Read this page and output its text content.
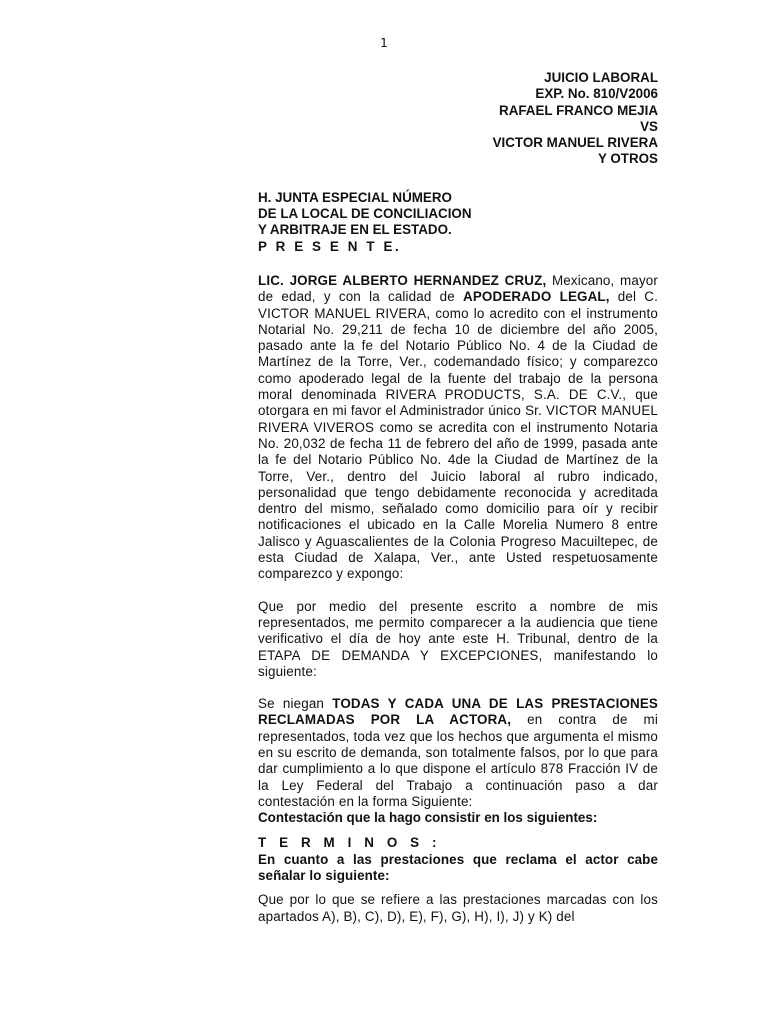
1
JUICIO LABORAL
EXP. No. 810/V2006
RAFAEL FRANCO MEJIA
VS
VICTOR MANUEL RIVERA
Y OTROS
H. JUNTA ESPECIAL NÚMERO
DE LA LOCAL DE CONCILIACION
Y ARBITRAJE EN EL ESTADO.
P R E S E N T E.

LIC. JORGE ALBERTO HERNANDEZ CRUZ, Mexicano, mayor de edad, y con la calidad de APODERADO LEGAL, del C. VICTOR MANUEL RIVERA, como lo acredito con el instrumento Notarial No. 29,211 de fecha 10 de diciembre del año 2005, pasado ante la fe del Notario Público No. 4 de la Ciudad de Martínez de la Torre, Ver., codemandado físico; y comparezco como apoderado legal de la fuente del trabajo de la persona moral denominada RIVERA PRODUCTS, S.A. DE C.V., que otorgara en mi favor el Administrador único Sr. VICTOR MANUEL RIVERA VIVEROS como se acredita con el instrumento Notaria No. 20,032 de fecha 11 de febrero del año de 1999, pasada ante la fe del Notario Público No. 4de la Ciudad de Martínez de la Torre, Ver., dentro del Juicio laboral al rubro indicado, personalidad que tengo debidamente reconocida y acreditada dentro del mismo, señalado como domicilio para oír y recibir notificaciones el ubicado en la Calle Morelia Numero 8 entre Jalisco y Aguascalientes de la Colonia Progreso Macuiltepec, de esta Ciudad de Xalapa, Ver., ante Usted respetuosamente comparezco y expongo:

Que por medio del presente escrito a nombre de mis representados, me permito comparecer a la audiencia que tiene verificativo el día de hoy ante este H. Tribunal, dentro de la ETAPA DE DEMANDA Y EXCEPCIONES, manifestando lo siguiente:

Se niegan TODAS Y CADA UNA DE LAS PRESTACIONES RECLAMADAS POR LA ACTORA, en contra de mi representados, toda vez que los hechos que argumenta el mismo en su escrito de demanda, son totalmente falsos, por lo que para dar cumplimiento a lo que dispone el artículo 878 Fracción IV de la Ley Federal del Trabajo a continuación paso a dar contestación en la forma Siguiente:

Contestación que la hago consistir en los siguientes:

T E R M I N O S :

En cuanto a las prestaciones que reclama el actor cabe señalar lo siguiente:

Que por lo que se refiere a las prestaciones marcadas con los apartados A), B), C), D), E), F), G), H), I), J) y K) del
